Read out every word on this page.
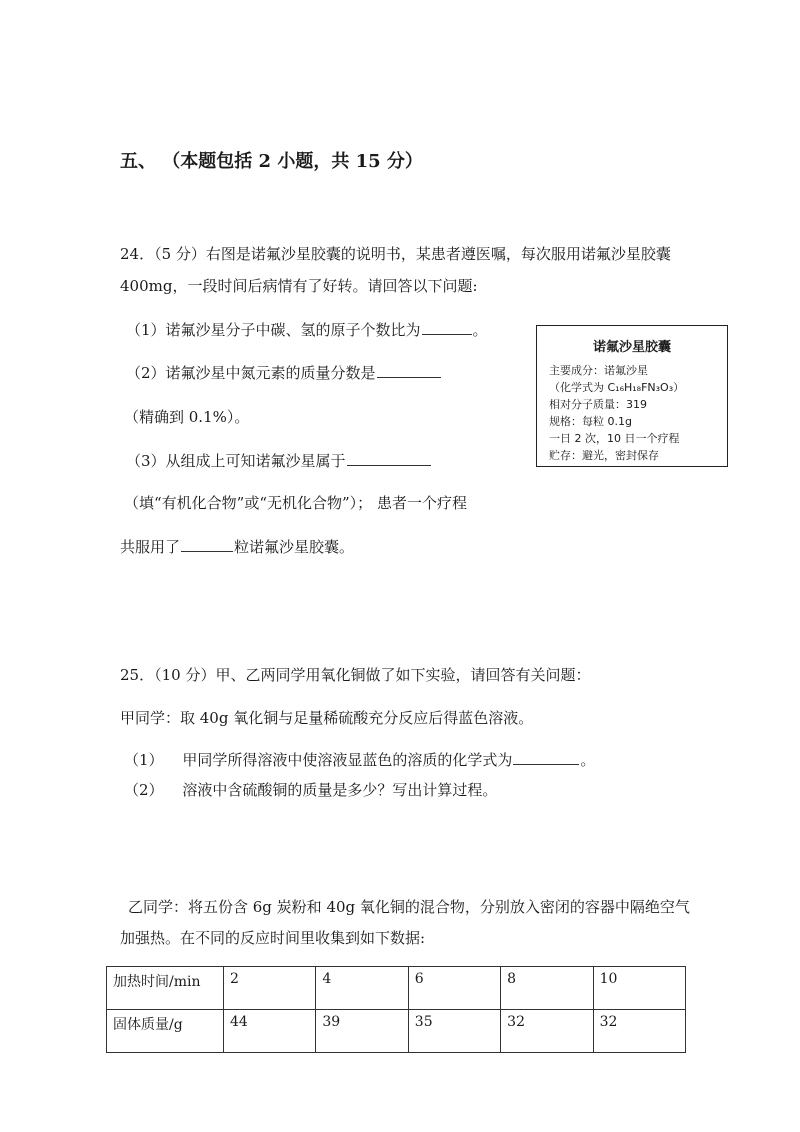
五、 （本题包括 2 小题，共 15 分）
24．（5 分）右图是诺氟沙星胶囊的说明书，某患者遵医嘱，每次服用诺氟沙星胶囊
400mg，一段时间后病情有了好转。请回答以下问题:
（1）诺氟沙星分子中碳、氢的原子个数比为	。
（2）诺氟沙星中氮元素的质量分数是
（精确到 0.1%）。
（3）从组成上可知诺氟沙星属于
（填“有机化合物”或“无机化合物”）； 患者一个疗程
共服用了	粒诺氟沙星胶囊。
诺氟沙星胶囊
主要成分：诺氟沙星
（化学式为 C₁₆H₁₈FN₃O₃）
相对分子质量：319
规格：每粒 0.1g
一日 2 次，10 日一个疗程
贮存：避光，密封保存
25．（10 分）甲、乙两同学用氧化铜做了如下实验，请回答有关问题：
甲同学：取 40g 氧化铜与足量稀硫酸充分反应后得蓝色溶液。
（1） 甲同学所得溶液中使溶液显蓝色的溶质的化学式为	。
（2） 溶液中含硫酸铜的质量是多少？写出计算过程。
乙同学：将五份含 6g 炭粉和 40g 氧化铜的混合物，分别放入密闭的容器中隔绝空气
加强热。在不同的反应时间里收集到如下数据:
加热时间/min	2	4	6	8	10
固体质量/g	44	39	35	32	32
